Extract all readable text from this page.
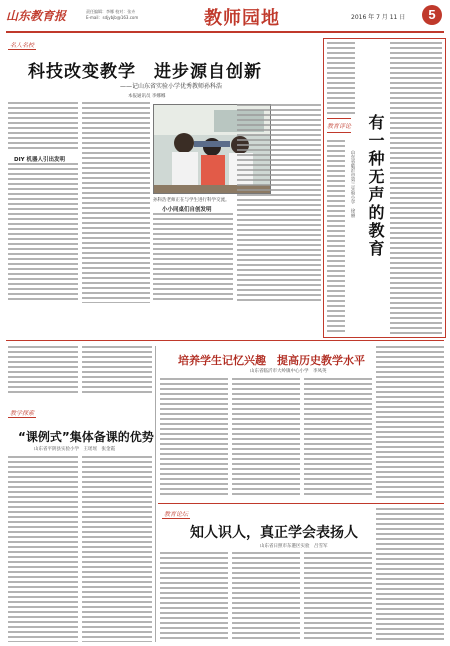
山东教育报	责任编辑：李娜 校对：张卉
E-mail：sdjybjb@163.com	教师园地	2016 年 7 月 11 日	5
名人名校
科技改变教学　进步源自创新
——记山东省实验小学优秀教师孙科浩
本报通讯员 李娜娜
DIY 机器人引出发明
孙科浩老师正在与学生进行科学交流。
小小同桌们自创发明
教育评论 有一种无声的教育
山东省临沂市第三实验小学　徐丽
教学探索
“课例式”集体备课的优势
山东省平阴县实验小学　王瑶瑶　张金霞
培养学生记忆兴趣　提高历史教学水平
山东省临沂市大岭镇中心小学　李凤英
教育论坛
知人识人，真正学会表扬人
山东省日照市东港区实验　吕雪军
